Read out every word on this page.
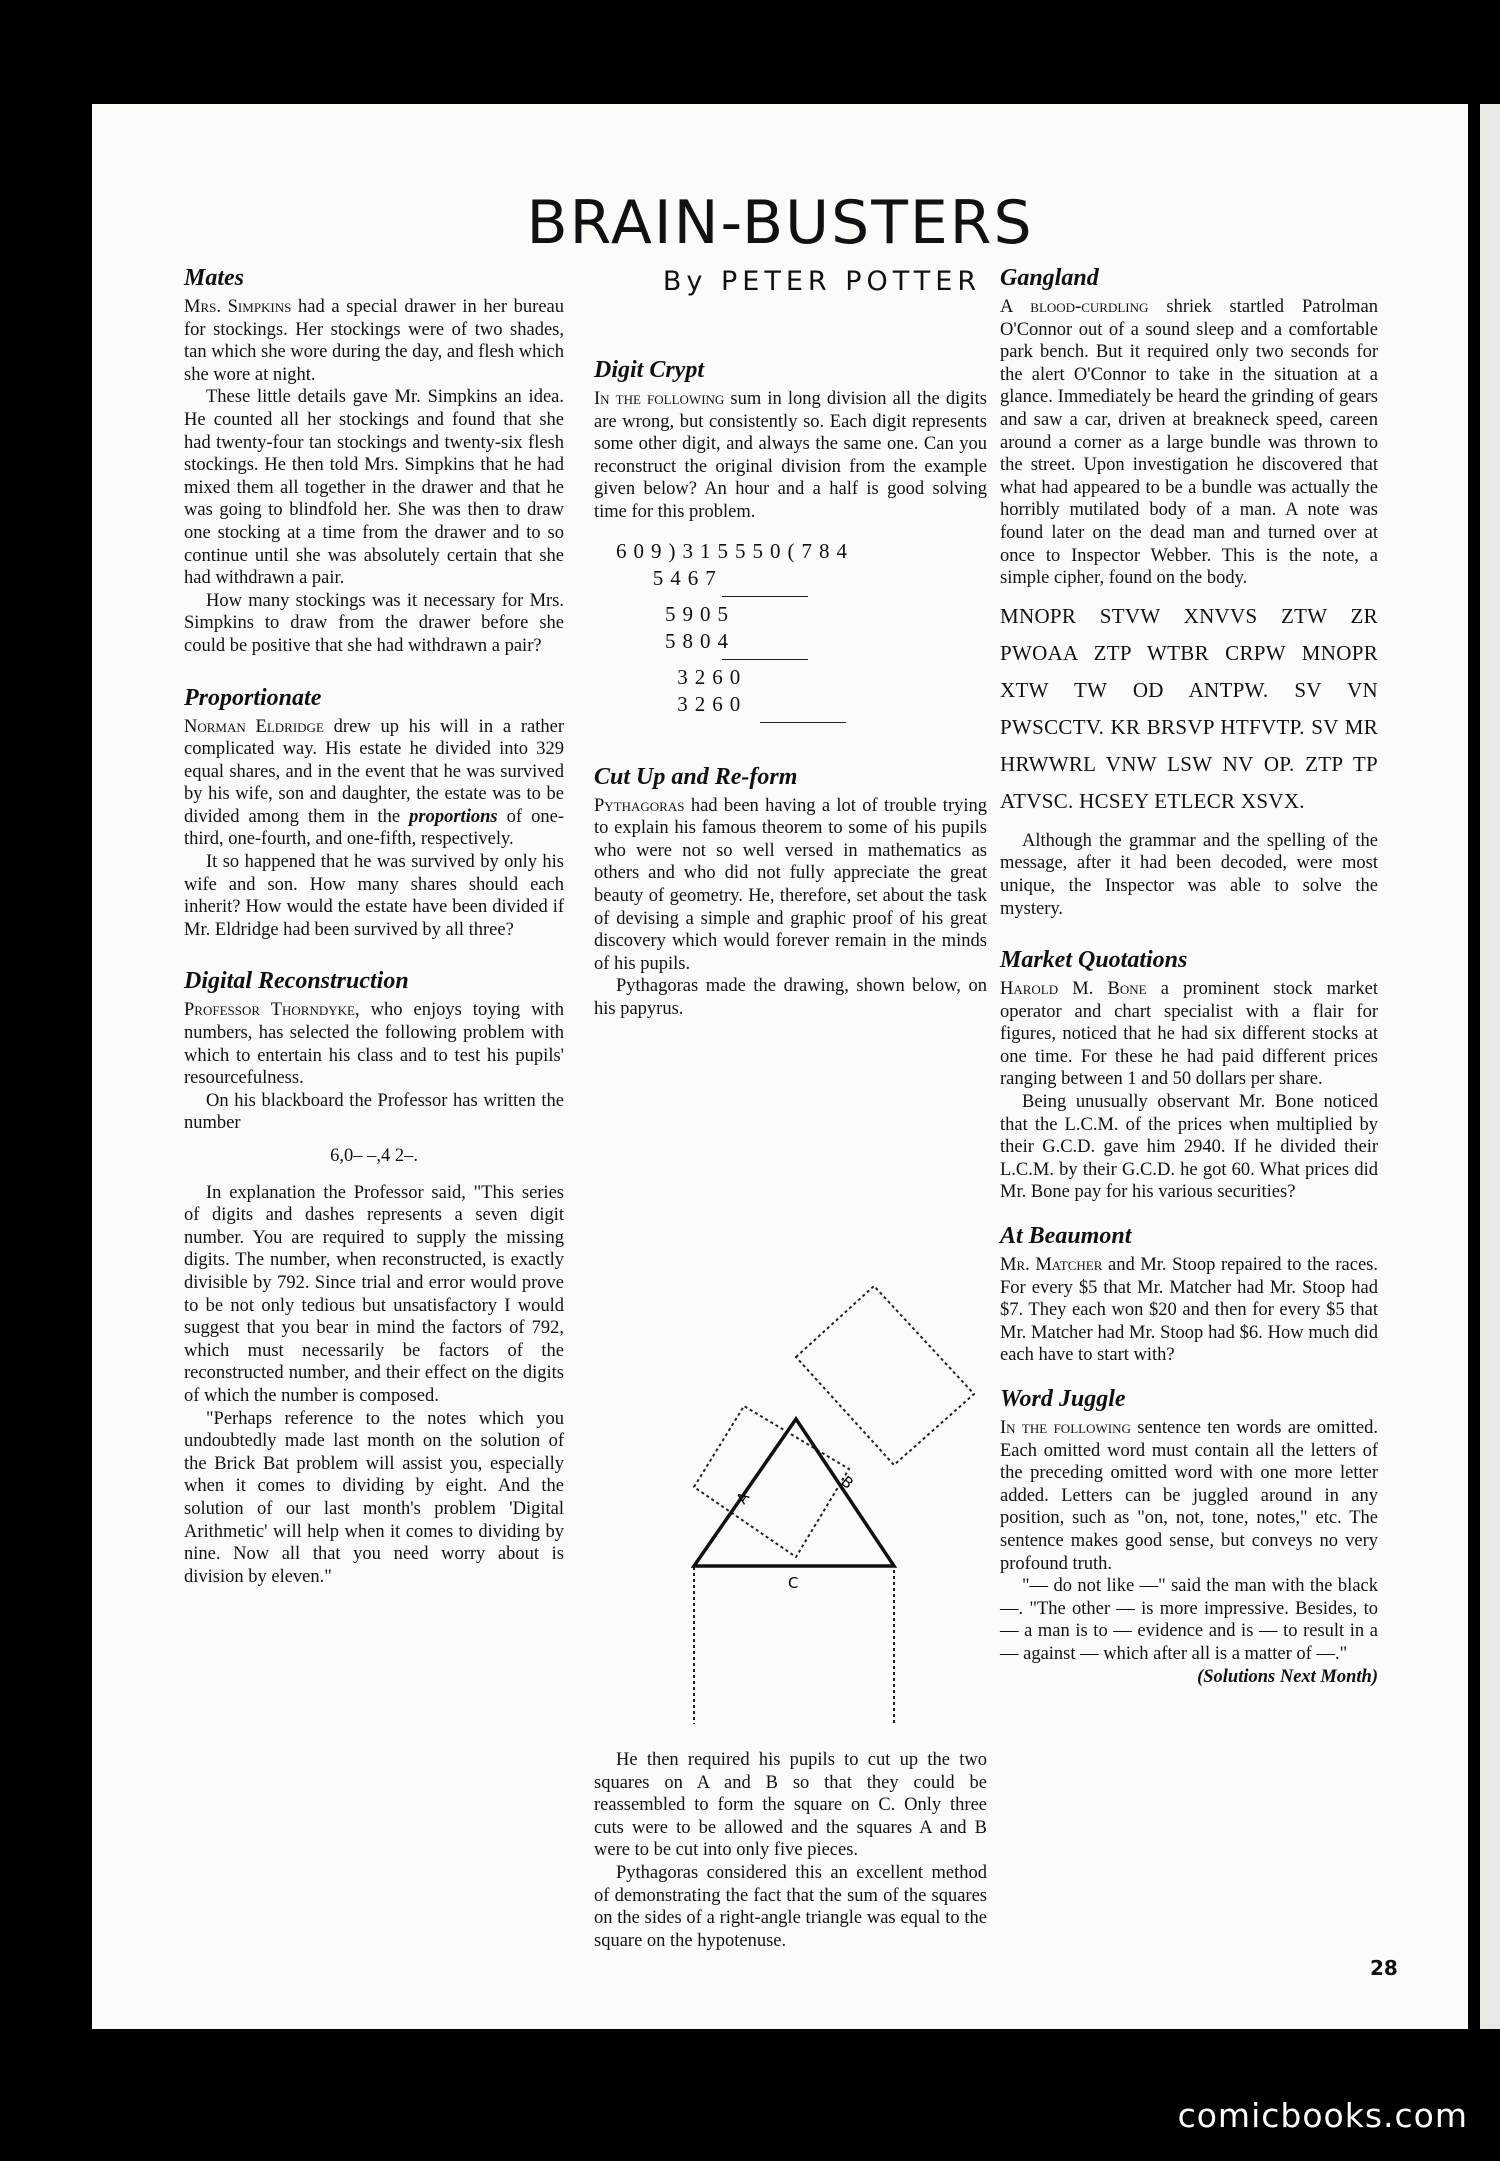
BRAIN-BUSTERS
By PETER POTTER
Mates

Mrs. Simpkins had a special drawer in her bureau for stockings. Her stockings were of two shades, tan which she wore during the day, and flesh which she wore at night.

These little details gave Mr. Simpkins an idea. He counted all her stockings and found that she had twenty-four tan stockings and twenty-six flesh stockings. He then told Mrs. Simpkins that he had mixed them all together in the drawer and that he was going to blindfold her. She was then to draw one stocking at a time from the drawer and to so continue until she was absolutely certain that she had withdrawn a pair.

How many stockings was it necessary for Mrs. Simpkins to draw from the drawer before she could be positive that she had withdrawn a pair?

Proportionate

Norman Eldridge drew up his will in a rather complicated way. His estate he divided into 329 equal shares, and in the event that he was survived by his wife, son and daughter, the estate was to be divided among them in the proportions of one-third, one-fourth, and one-fifth, respectively.

It so happened that he was survived by only his wife and son. How many shares should each inherit? How would the estate have been divided if Mr. Eldridge had been survived by all three?

Digital Reconstruction

Professor Thorndyke, who enjoys toying with numbers, has selected the following problem with which to entertain his class and to test his pupils' resourcefulness.

On his blackboard the Professor has written the number

6,0– –,4 2–.

In explanation the Professor said, "This series of digits and dashes represents a seven digit number. You are required to supply the missing digits. The number, when reconstructed, is exactly divisible by 792. Since trial and error would prove to be not only tedious but unsatisfactory I would suggest that you bear in mind the factors of 792, which must necessarily be factors of the reconstructed number, and their effect on the digits of which the number is composed.

"Perhaps reference to the notes which you undoubtedly made last month on the solution of the Brick Bat problem will assist you, especially when it comes to dividing by eight. And the solution of our last month's problem 'Digital Arithmetic' will help when it comes to dividing by nine. Now all that you need worry about is division by eleven."

Digit Crypt

In the following sum in long division all the digits are wrong, but consistently so. Each digit represents some other digit, and always the same one. Can you reconstruct the original division from the example given below? An hour and a half is good solving time for this problem.

609)315550(784
5467
5905
5804
3260
3260
Cut Up and Re-form

Pythagoras had been having a lot of trouble trying to explain his famous theorem to some of his pupils who were not so well versed in mathematics as others and who did not fully appreciate the great beauty of geometry. He, therefore, set about the task of devising a simple and graphic proof of his great discovery which would forever remain in the minds of his pupils.

Pythagoras made the drawing, shown below, on his papyrus.

A
B
C

He then required his pupils to cut up the two squares on A and B so that they could be reassembled to form the square on C. Only three cuts were to be allowed and the squares A and B were to be cut into only five pieces.

Pythagoras considered this an excellent method of demonstrating the fact that the sum of the squares on the sides of a right-angle triangle was equal to the square on the hypotenuse.

Gangland

A blood-curdling shriek startled Patrolman O'Connor out of a sound sleep and a comfortable park bench. But it required only two seconds for the alert O'Connor to take in the situation at a glance. Immediately be heard the grinding of gears and saw a car, driven at breakneck speed, careen around a corner as a large bundle was thrown to the street. Upon investigation he discovered that what had appeared to be a bundle was actually the horribly mutilated body of a man. A note was found later on the dead man and turned over at once to Inspector Webber. This is the note, a simple cipher, found on the body.

MNOPR STVW XNVVS ZTW ZR PWOAA ZTP WTBR CRPW MNOPR XTW TW OD ANTPW. SV VN PWSCCTV. KR BRSVP HTFVTP. SV MR HRWWRL VNW LSW NV OP. ZTP TP ATVSC. HCSEY ETLECR XSVX.

Although the grammar and the spelling of the message, after it had been decoded, were most unique, the Inspector was able to solve the mystery.

Market Quotations

Harold M. Bone a prominent stock market operator and chart specialist with a flair for figures, noticed that he had six different stocks at one time. For these he had paid different prices ranging between 1 and 50 dollars per share.

Being unusually observant Mr. Bone noticed that the L.C.M. of the prices when multiplied by their G.C.D. gave him 2940. If he divided their L.C.M. by their G.C.D. he got 60. What prices did Mr. Bone pay for his various securities?

At Beaumont

Mr. Matcher and Mr. Stoop repaired to the races. For every $5 that Mr. Matcher had Mr. Stoop had $7. They each won $20 and then for every $5 that Mr. Matcher had Mr. Stoop had $6. How much did each have to start with?

Word Juggle

In the following sentence ten words are omitted. Each omitted word must contain all the letters of the preceding omitted word with one more letter added. Letters can be juggled around in any position, such as "on, not, tone, notes," etc. The sentence makes good sense, but conveys no very profound truth.

"— do not like —" said the man with the black —. "The other — is more impressive. Besides, to — a man is to — evidence and is — to result in a — against — which after all is a matter of —."
(Solutions Next Month)

28
comicbooks.com
